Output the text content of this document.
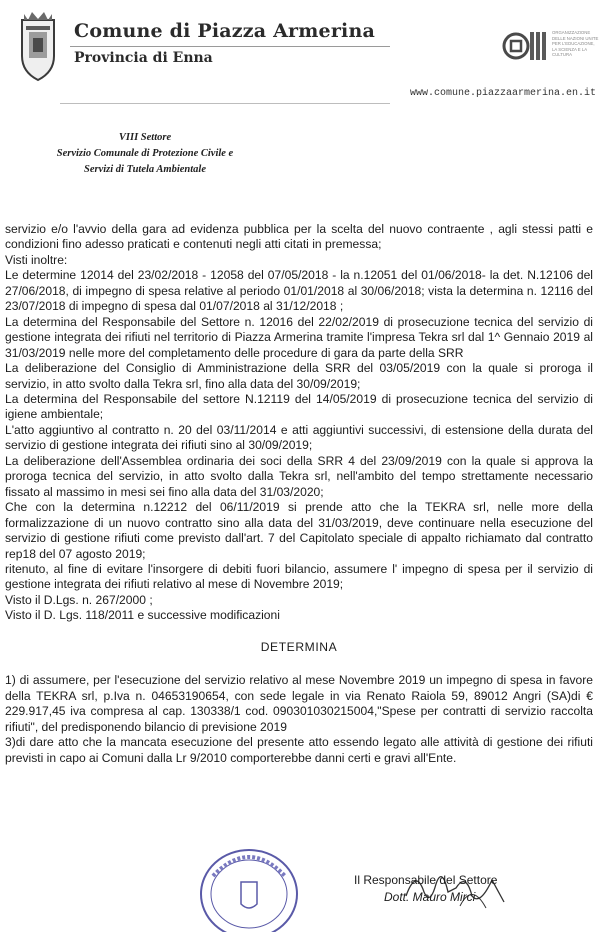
Comune di Piazza Armerina
Provincia di Enna
ORGANIZZAZIONE
DELLE NAZIONI UNITE
PER L'EDUCAZIONE,
LA SCIENZA E LA CULTURA
www.comune.piazzaarmerina.en.it
VIII Settore
Servizio Comunale di Protezione Civile e
Servizi di Tutela Ambientale

servizio e/o l'avvio della gara ad evidenza pubblica per la scelta del nuovo contraente , agli stessi patti e condizioni fino adesso praticati e contenuti negli atti citati in premessa;

Visti inoltre:

Le determine 12014 del 23/02/2018 - 12058 del 07/05/2018 - la n.12051 del 01/06/2018- la det. N.12106 del 27/06/2018, di impegno di spesa relative al periodo 01/01/2018 al 30/06/2018; vista la determina n. 12116 del 23/07/2018 di impegno di spesa dal 01/07/2018 al 31/12/2018 ;

La determina del Responsabile del Settore n. 12016 del 22/02/2019 di prosecuzione tecnica del servizio di gestione integrata dei rifiuti nel territorio di Piazza Armerina tramite l'impresa Tekra srl dal 1^ Gennaio 2019 al 31/03/2019 nelle more del completamento delle procedure di gara da parte della SRR

La deliberazione del Consiglio di Amministrazione della SRR del 03/05/2019 con la quale si proroga il servizio, in atto svolto dalla Tekra srl, fino alla data del 30/09/2019;

La determina del Responsabile del settore N.12119 del 14/05/2019 di prosecuzione tecnica del servizio di igiene ambientale;

L'atto aggiuntivo al contratto n. 20 del 03/11/2014 e atti aggiuntivi successivi, di estensione della durata del servizio di gestione integrata dei rifiuti sino al 30/09/2019;

La deliberazione dell'Assemblea ordinaria dei soci della SRR 4 del 23/09/2019 con la quale si approva la proroga tecnica del servizio, in atto svolto dalla Tekra srl, nell'ambito del tempo strettamente necessario fissato al massimo in mesi sei fino alla data del 31/03/2020;

Che con la determina n.12212 del 06/11/2019 si prende atto che la TEKRA srl, nelle more della formalizzazione di un nuovo contratto sino alla data del 31/03/2019, deve continuare nella esecuzione del servizio di gestione rifiuti come previsto dall'art. 7 del Capitolato speciale di appalto richiamato dal contratto rep18 del 07 agosto 2019;

ritenuto, al fine di evitare l'insorgere di debiti fuori bilancio, assumere l' impegno di spesa per il servizio di gestione integrata dei rifiuti relativo al mese di Novembre 2019;

Visto il D.Lgs. n. 267/2000 ;

Visto il D. Lgs. 118/2011 e successive modificazioni

DETERMINA

1) di assumere, per l'esecuzione del servizio relativo al mese Novembre 2019 un impegno di spesa in favore della TEKRA srl, p.Iva n. 04653190654, con sede legale in via Renato Raiola 59, 89012 Angri (SA)di € 229.917,45 iva compresa al cap. 130338/1 cod. 090301030215004,"Spese per contratti di servizio raccolta rifiuti", del predisponendo bilancio di previsione 2019

3)di dare atto che la mancata esecuzione del presente atto essendo legato alle attività di gestione dei rifiuti previsti in capo ai Comuni dalla Lr 9/2010 comporterebbe danni certi e gravi all'Ente.

Il Responsabile del Settore
Dott. Mauro Mirci
